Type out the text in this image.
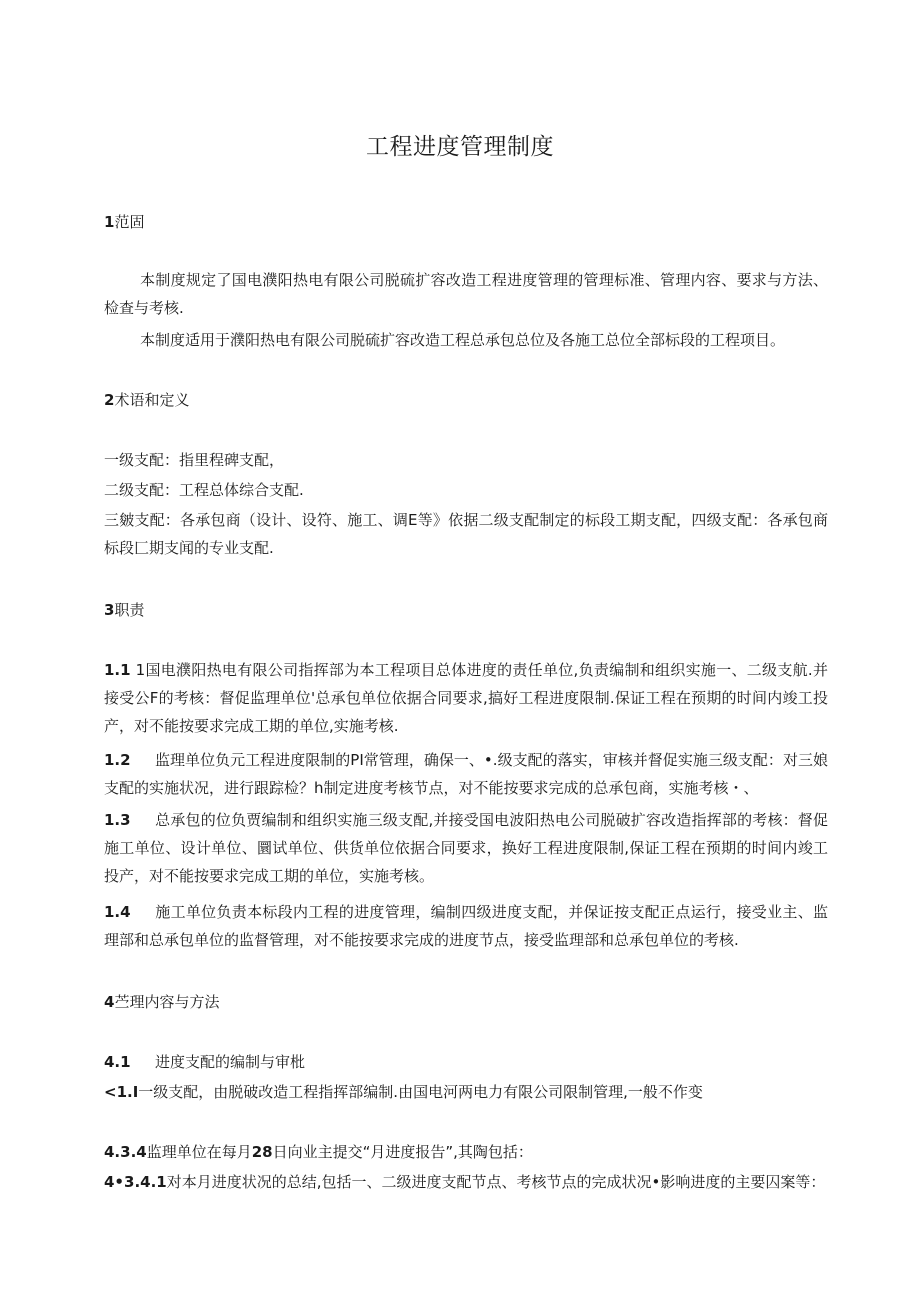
工程进度管理制度
1范固

本制度规定了国电濮阳热电有限公司脱硫扩容改造工程进度管理的管理标准、管理内容、要求与方法、检查与考核.

本制度适用于濮阳热电有限公司脱硫扩容改造工程总承包总位及各施工总位全部标段的工程项目。

2术语和定义

一级支配：指里程碑支配，

二级支配：工程总体综合支配.

三皴支配：各承包商（设计、设符、施工、调E等》依据二级支配制定的标段工期支配，四级支配：各承包商标段匚期支闻的专业支配.

3职责

1.1 1国电濮阳热电有限公司指挥部为本工程项目总体进度的责任单位,负责编制和组织实施一、二级支航.并接受公F的考核：督促监理单位'总承包单位依据合同要求,搞好工程进度限制.保证工程在预期的时间内竣工投产，对不能按要求完成工期的单位,实施考核.

1.2 监理单位负元工程进度限制的PI常管理，确保一、•.级支配的落实，审核并督促实施三级支配：对三娘支配的实施状况，进行跟踪检？h制定进度考核节点，对不能按要求完成的总承包商，实施考核・、

1.3 总承包的位负贾编制和组织实施三级支配,并接受国电波阳热电公司脱破扩容改造指挥部的考核：督促施工单位、设计单位、圜试单位、供货单位依据合同要求，换好工程进度限制,保证工程在预期的时间内竣工投产，对不能按要求完成工期的单位，实施考核。

1.4 施工单位负责本标段内工程的进度管理，编制四级进度支配，并保证按支配正点运行，接受业主、监理部和总承包单位的监督管理，对不能按要求完成的进度节点，接受监理部和总承包单位的考核.

4苎理内容与方法

4.1 进度支配的编制与审枇

<1.I一级支配，由脱破改造工程指挥部编制.由国电河两电力有限公司限制管理,一般不作变

4.3.4监理单位在每月28日向业主提交“月进度报告”,其陶包括：

4•3.4.1对本月进度状况的总结,包括一、二级进度支配节点、考核节点的完成状况•影响进度的主要囚案等：
